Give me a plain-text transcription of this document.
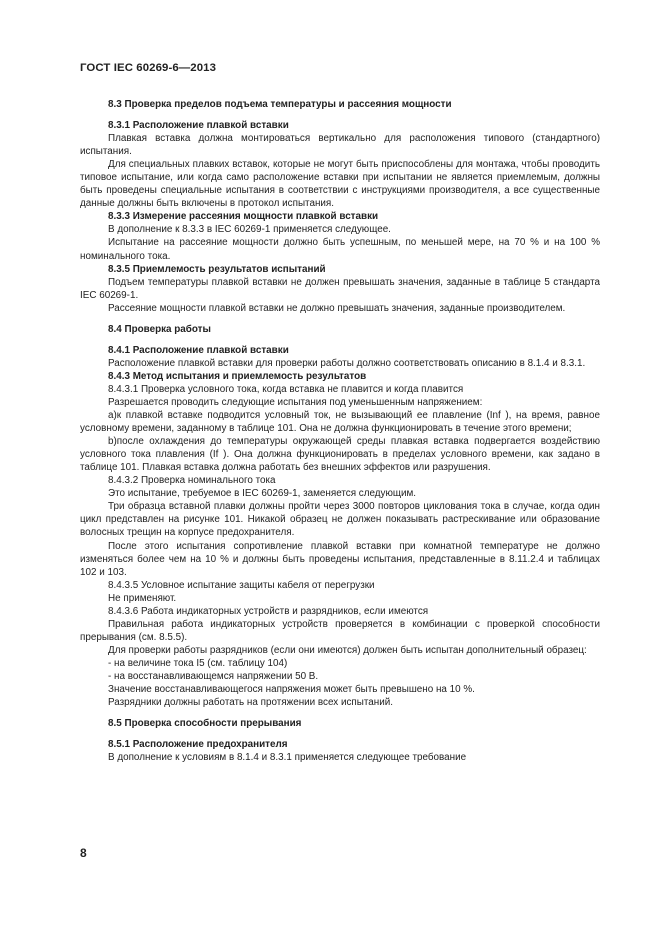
ГОСТ IEC 60269-6—2013
8.3 Проверка пределов подъема температуры и рассеяния мощности
8.3.1 Расположение плавкой вставки
Плавкая вставка должна монтироваться вертикально для расположения типового (стандартного) испытания.
Для специальных плавких вставок, которые не могут быть приспособлены для монтажа, чтобы проводить типовое испытание, или когда само расположение вставки при испытании не является приемлемым, должны быть проведены специальные испытания в соответствии с инструкциями производителя, а все существенные данные должны быть включены в протокол испытания.
8.3.3 Измерение рассеяния мощности плавкой вставки
В дополнение к 8.3.3 в IEC 60269-1 применяется следующее.
Испытание на рассеяние мощности должно быть успешным, по меньшей мере, на 70 % и на 100 % номинального тока.
8.3.5 Приемлемость результатов испытаний
Подъем температуры плавкой вставки не должен превышать значения, заданные в таблице 5 стандарта IEC 60269-1.
Рассеяние мощности плавкой вставки не должно превышать значения, заданные производителем.
8.4 Проверка работы
8.4.1 Расположение плавкой вставки
Расположение плавкой вставки для проверки работы должно соответствовать описанию в 8.1.4 и 8.3.1.
8.4.3 Метод испытания и приемлемость результатов
8.4.3.1 Проверка условного тока, когда вставка не плавится и когда плавится
Разрешается проводить следующие испытания под уменьшенным напряжением:
а)к плавкой вставке подводится условный ток, не вызывающий ее плавление (Inf ), на время, равное условному времени, заданному в таблице 101. Она не должна функционировать в течение этого времени;
b)после охлаждения до температуры окружающей среды плавкая вставка подвергается воздействию условного тока плавления (If ). Она должна функционировать в пределах условного времени, как задано в таблице 101. Плавкая вставка должна работать без внешних эффектов или разрушения.
8.4.3.2 Проверка номинального тока
Это испытание, требуемое в IEC 60269-1, заменяется следующим.
Три образца вставной плавки должны пройти через 3000 повторов циклования тока в случае, когда один цикл представлен на рисунке 101. Никакой образец не должен показывать растрескивание или образование волосных трещин на корпусе предохранителя.
После этого испытания сопротивление плавкой вставки при комнатной температуре не должно изменяться более чем на 10 % и должны быть проведены испытания, представленные в 8.11.2.4 и таблицах 102 и 103.
8.4.3.5 Условное испытание защиты кабеля от перегрузки
Не применяют.
8.4.3.6 Работа индикаторных устройств и разрядников, если имеются
Правильная работа индикаторных устройств проверяется в комбинации с проверкой способности прерывания (см. 8.5.5).
Для проверки работы разрядников (если они имеются) должен быть испытан дополнительный образец:
- на величине тока I5 (см. таблицу 104)
- на восстанавливающемся напряжении 50 В.
Значение восстанавливающегося напряжения может быть превышено на 10 %.
Разрядники должны работать на протяжении всех испытаний.
8.5 Проверка способности прерывания
8.5.1 Расположение предохранителя
В дополнение к условиям в 8.1.4 и 8.3.1 применяется следующее требование
8
